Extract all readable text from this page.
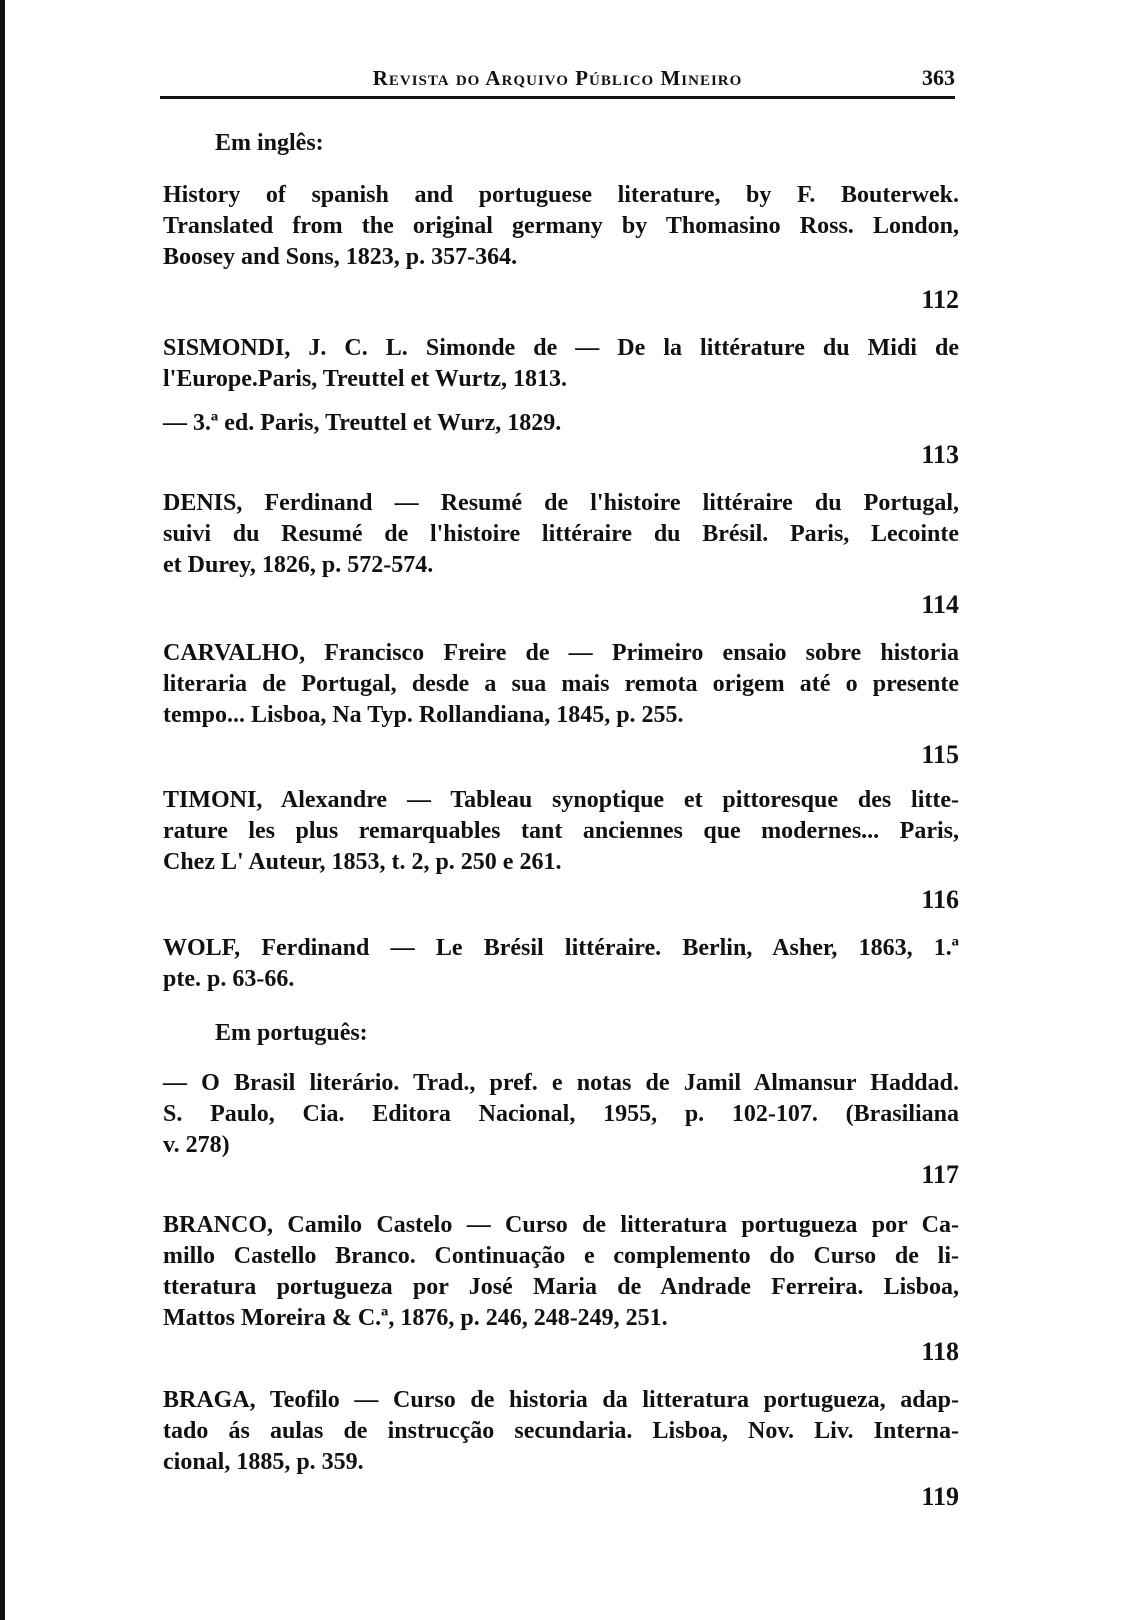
Revista do Arquivo Público Mineiro	363
Em inglês:
History of spanish and portuguese literature, by F. Bouterwek.
Translated from the original germany by Thomasino Ross. London,
Boosey and Sons, 1823, p. 357-364.
112
SISMONDI, J. C. L. Simonde de — De la littérature du Midi de
l'Europe.Paris, Treuttel et Wurtz, 1813.
— 3.ª ed. Paris, Treuttel et Wurz, 1829.
113
DENIS, Ferdinand — Resumé de l'histoire littéraire du Portugal,
suivi du Resumé de l'histoire littéraire du Brésil. Paris, Lecointe
et Durey, 1826, p. 572-574.
114
CARVALHO, Francisco Freire de — Primeiro ensaio sobre historia
literaria de Portugal, desde a sua mais remota origem até o presente
tempo... Lisboa, Na Typ. Rollandiana, 1845, p. 255.
115
TIMONI, Alexandre — Tableau synoptique et pittoresque des litte-
rature les plus remarquables tant anciennes que modernes... Paris,
Chez L' Auteur, 1853, t. 2, p. 250 e 261.
116
WOLF, Ferdinand — Le Brésil littéraire. Berlin, Asher, 1863, 1.ª
pte. p. 63-66.
Em português:
— O Brasil literário. Trad., pref. e notas de Jamil Almansur Haddad.
S. Paulo, Cia. Editora Nacional, 1955, p. 102-107. (Brasiliana
v. 278)
117
BRANCO, Camilo Castelo — Curso de litteratura portugueza por Ca-
millo Castello Branco. Continuação e complemento do Curso de li-
tteratura portugueza por José Maria de Andrade Ferreira. Lisboa,
Mattos Moreira & C.ª, 1876, p. 246, 248-249, 251.
118
BRAGA, Teofilo — Curso de historia da litteratura portugueza, adap-
tado ás aulas de instrucção secundaria. Lisboa, Nov. Liv. Interna-
cional, 1885, p. 359.
119
